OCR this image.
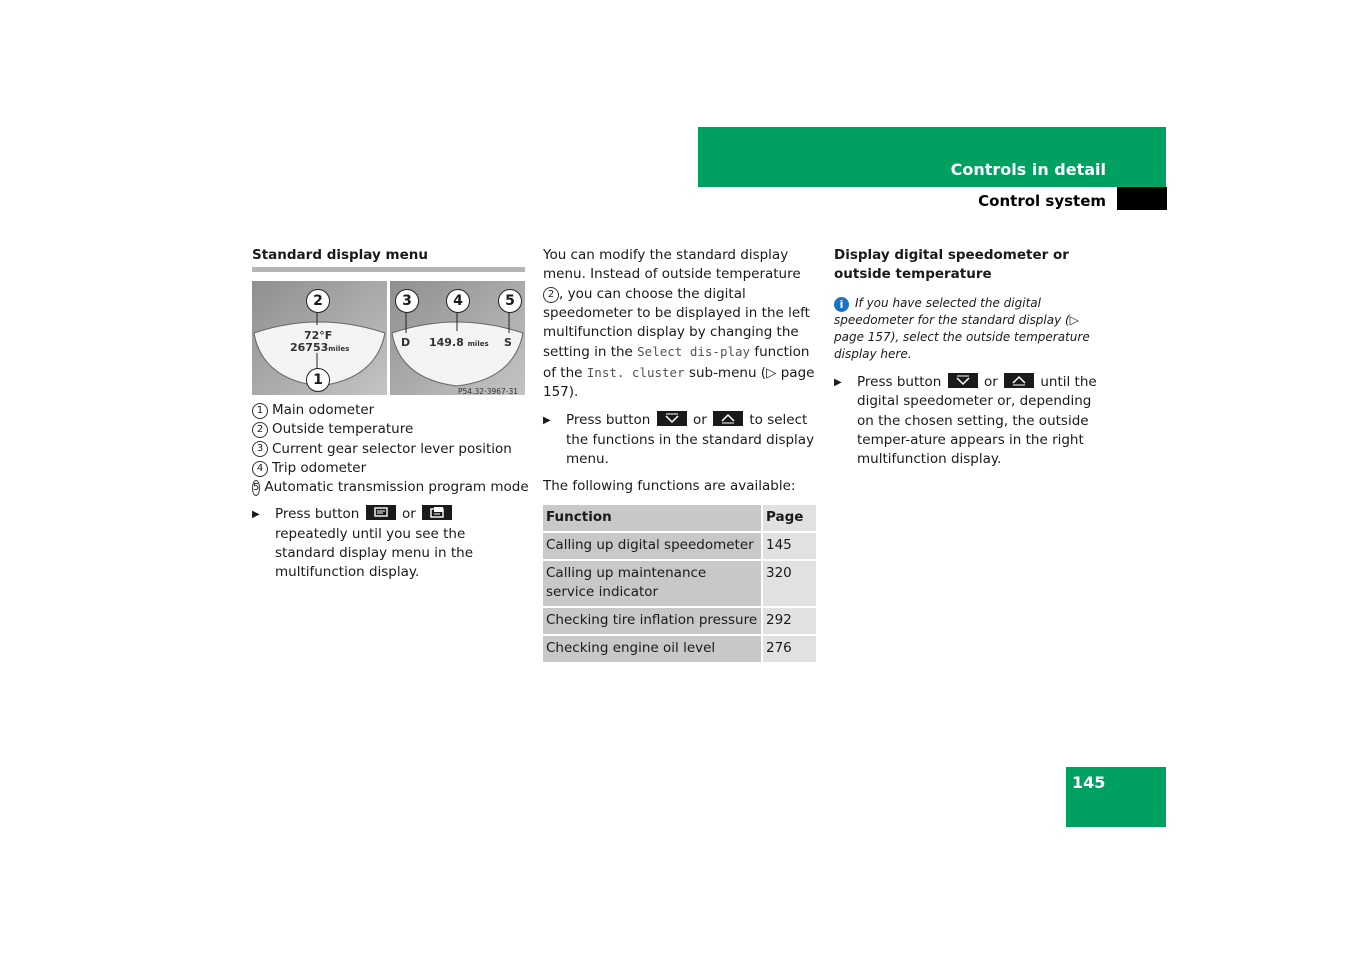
Controls in detail
Control system
Standard display menu
2
1
3	4	5
72°F
26753miles	D 149.8 miles S
P54.32-3967-31
1 Main odometer
2 Outside temperature
3 Current gear selector lever position
4 Trip odometer
5 Automatic transmission program mode
▶ Press button	or
repeatedly until you see the standard display menu in the multifunction display.
You can modify the standard display menu. Instead of outside temperature 2 , you can choose the digital speedometer to be displayed in the left multifunction display by changing the setting in the Select dis-play function of the Inst. cluster sub-menu (▷ page 157).
▶ Press button	or	to select the functions in the standard display menu.
The following functions are available:
Function	Page
Calling up digital speedometer	145
Calling up maintenance service indicator	320
Checking tire inflation pressure	292
Checking engine oil level	276
Display digital speedometer or outside temperature
i If you have selected the digital speedometer for the standard display (▷ page 157), select the outside temperature display here.
▶ Press button	or	until the digital speedometer or, depending on the chosen setting, the outside temper-ature appears in the right multifunction display.
145
